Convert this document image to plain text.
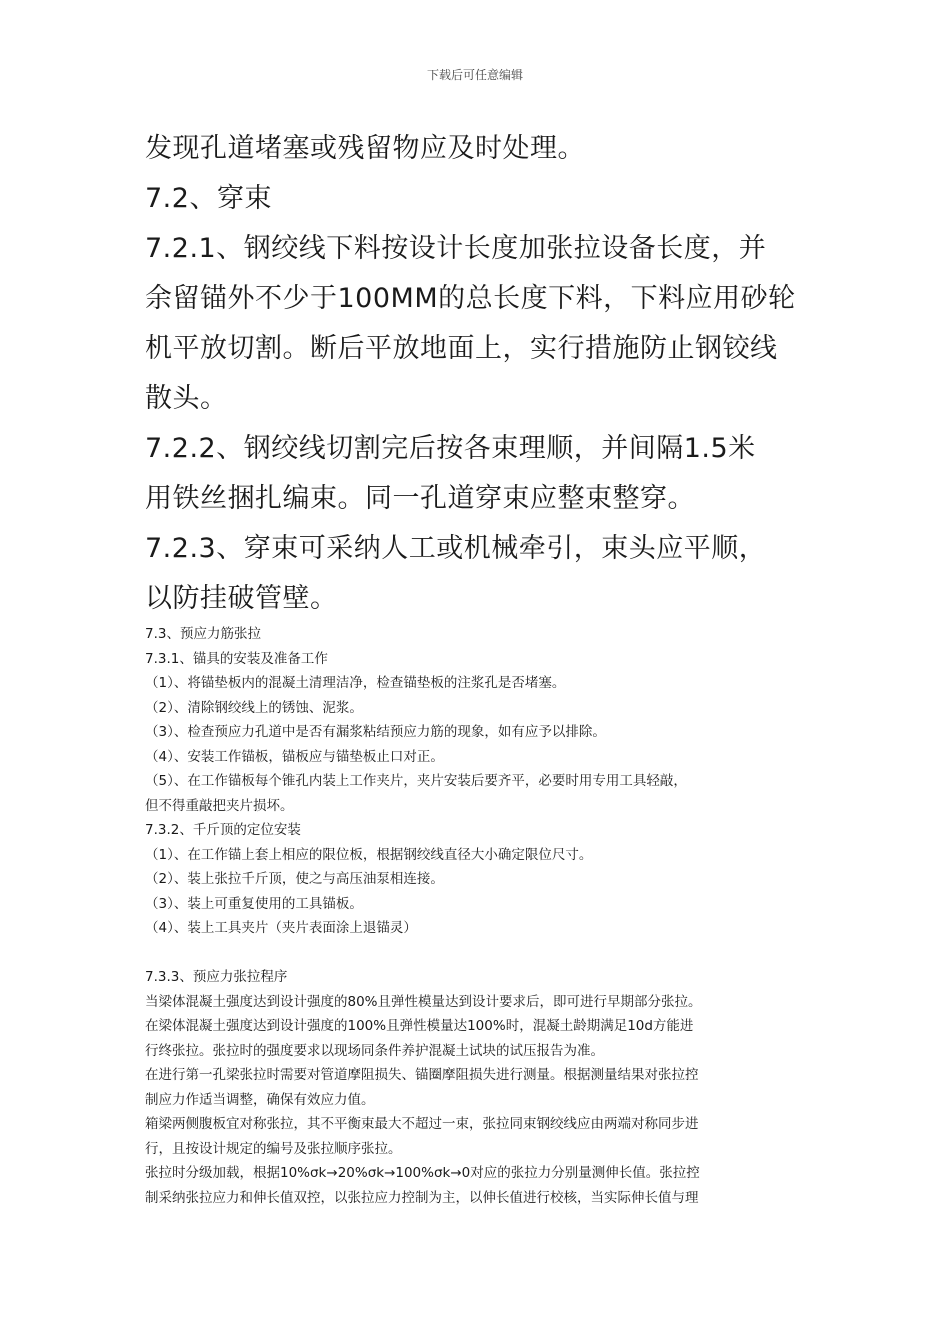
下载后可任意编辑

发现孔道堵塞或残留物应及时处理。

7.2、穿束

7.2.1、钢绞线下料按设计长度加张拉设备长度，并

余留锚外不少于100MM的总长度下料，下料应用砂轮

机平放切割。断后平放地面上，实行措施防止钢铰线

散头。

7.2.2、钢绞线切割完后按各束理顺，并间隔1.5米

用铁丝捆扎编束。同一孔道穿束应整束整穿。

7.2.3、穿束可采纳人工或机械牵引，束头应平顺，

以防挂破管壁。

7.3、预应力筋张拉

7.3.1、锚具的安装及准备工作

（1）、将锚垫板内的混凝土清理洁净，检查锚垫板的注浆孔是否堵塞。

（2）、清除钢绞线上的锈蚀、泥浆。

（3）、检查预应力孔道中是否有漏浆粘结预应力筋的现象，如有应予以排除。

（4）、安装工作锚板，锚板应与锚垫板止口对正。

（5）、在工作锚板每个锥孔内装上工作夹片，夹片安装后要齐平，必要时用专用工具轻敲，

但不得重敲把夹片损坏。

7.3.2、千斤顶的定位安装

（1）、在工作锚上套上相应的限位板，根据钢绞线直径大小确定限位尺寸。

（2）、装上张拉千斤顶，使之与高压油泵相连接。

（3）、装上可重复使用的工具锚板。

（4）、装上工具夹片（夹片表面涂上退锚灵）

7.3.3、预应力张拉程序

当梁体混凝土强度达到设计强度的80%且弹性模量达到设计要求后，即可进行早期部分张拉。

在梁体混凝土强度达到设计强度的100%且弹性模量达100%时，混凝土龄期满足10d方能进

行终张拉。张拉时的强度要求以现场同条件养护混凝土试块的试压报告为准。

在进行第一孔梁张拉时需要对管道摩阻损失、锚圈摩阻损失进行测量。根据测量结果对张拉控

制应力作适当调整，确保有效应力值。

箱梁两侧腹板宜对称张拉，其不平衡束最大不超过一束，张拉同束钢绞线应由两端对称同步进

行，且按设计规定的编号及张拉顺序张拉。

张拉时分级加载，根据10%σk→20%σk→100%σk→0对应的张拉力分别量测伸长值。张拉控

制采纳张拉应力和伸长值双控，以张拉应力控制为主，以伸长值进行校核，当实际伸长值与理
